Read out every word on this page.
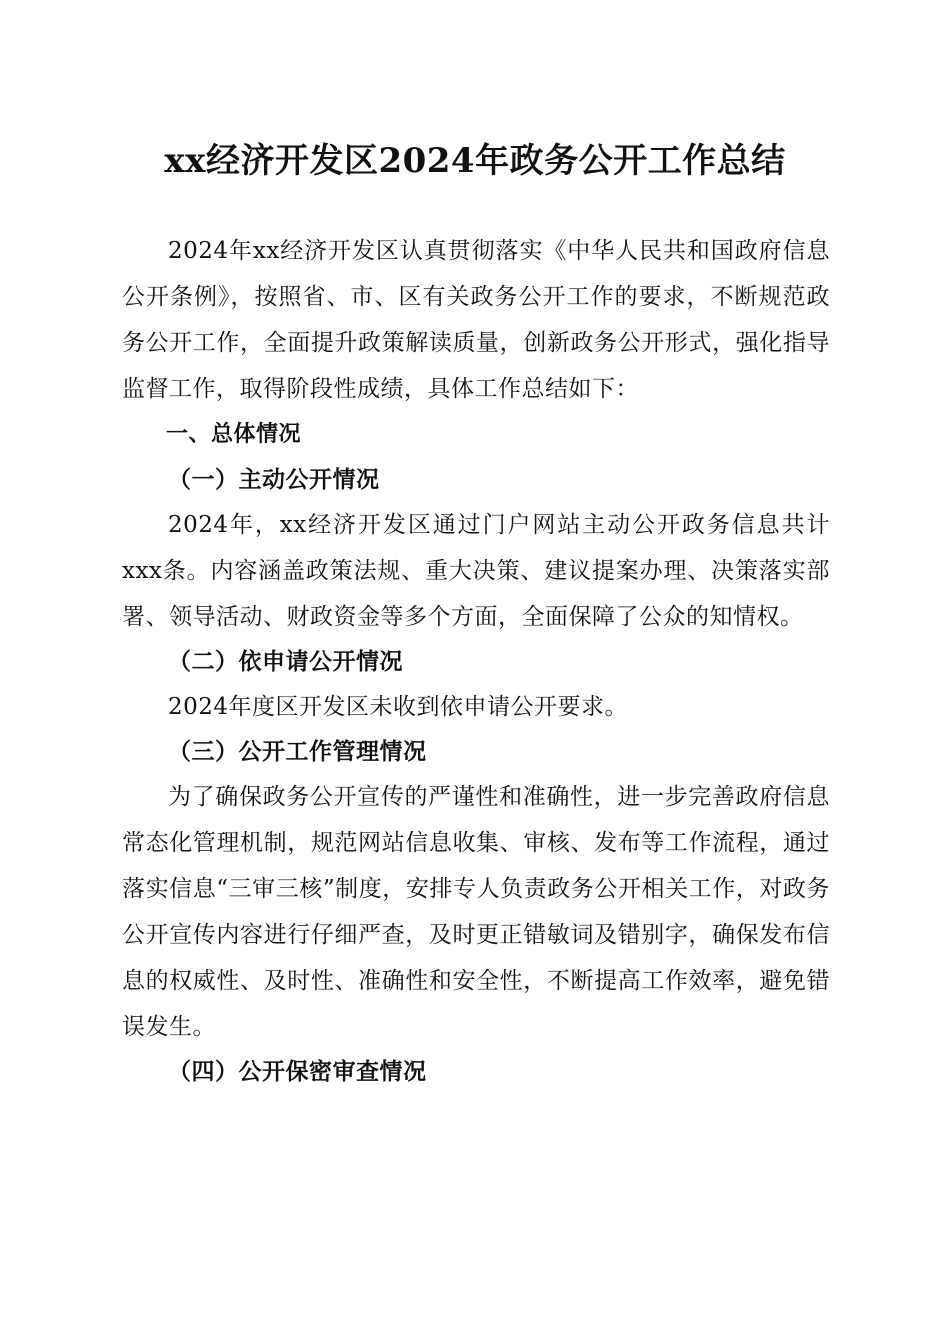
xx经济开发区2024年政务公开工作总结

2024年xx经济开发区认真贯彻落实《中华人民共和国政府信息公开条例》，按照省、市、区有关政务公开工作的要求，不断规范政务公开工作，全面提升政策解读质量，创新政务公开形式，强化指导监督工作，取得阶段性成绩，具体工作总结如下：

一、总体情况

（一）主动公开情况

2024年，xx经济开发区通过门户网站主动公开政务信息共计xxx条。内容涵盖政策法规、重大决策、建议提案办理、决策落实部署、领导活动、财政资金等多个方面，全面保障了公众的知情权。

（二）依申请公开情况

2024年度区开发区未收到依申请公开要求。

（三）公开工作管理情况

为了确保政务公开宣传的严谨性和准确性，进一步完善政府信息常态化管理机制，规范网站信息收集、审核、发布等工作流程，通过落实信息“三审三核”制度，安排专人负责政务公开相关工作，对政务公开宣传内容进行仔细严查，及时更正错敏词及错别字，确保发布信息的权威性、及时性、准确性和安全性，不断提高工作效率，避免错误发生。

（四）公开保密审查情况
